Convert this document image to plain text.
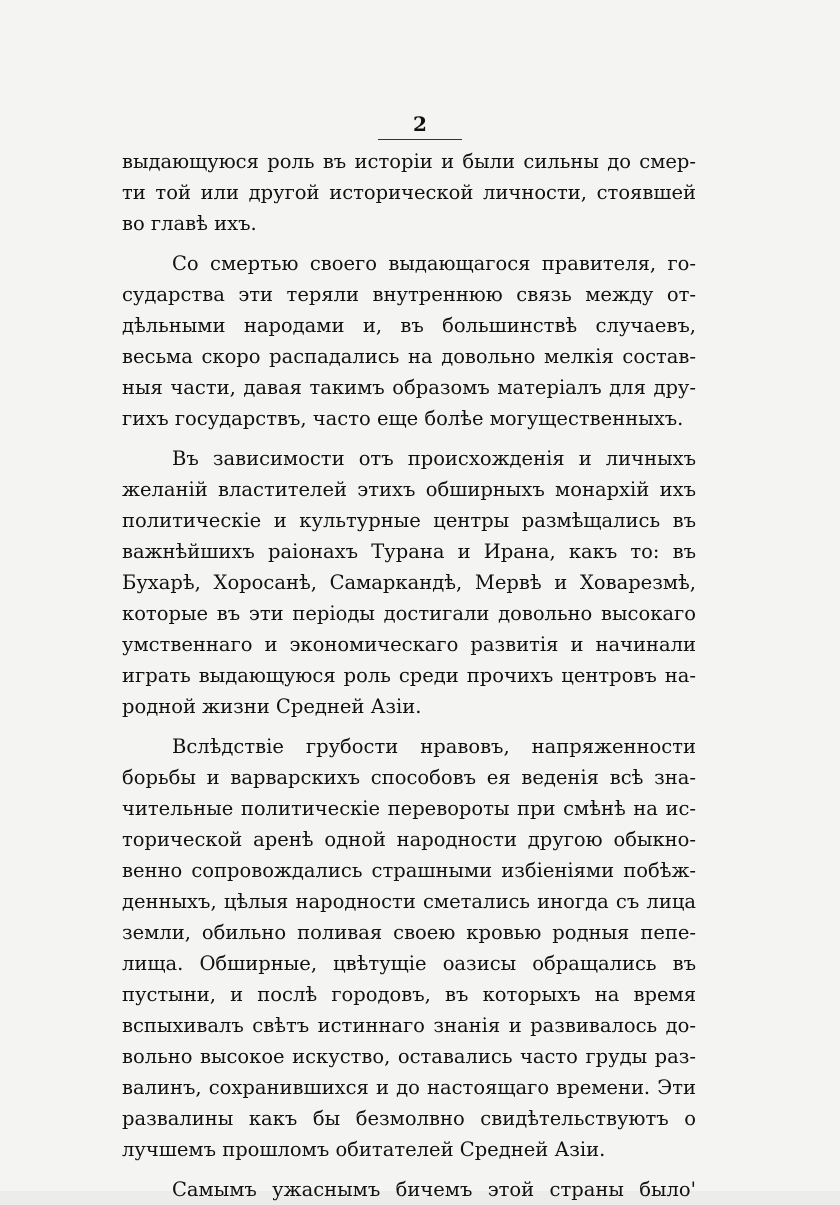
2
выдающуюся роль въ исторіи и были сильны до смер-
ти той или другой исторической личности, стоявшей
во главѣ ихъ.
Со смертью своего выдающагося правителя, го-
сударства эти теряли внутреннюю связь между от-
дѣльными народами и, въ большинствѣ случаевъ,
весьма скоро распадались на довольно мелкія состав-
ныя части, давая такимъ образомъ матеріалъ для дру-
гихъ государствъ, часто еще болѣе могущественныхъ.
Въ зависимости отъ происхожденія и личныхъ
желаній властителей этихъ обширныхъ монархій ихъ
политическіе и культурные центры размѣщались въ
важнѣйшихъ раіонахъ Турана и Ирана, какъ то: въ
Бухарѣ, Хоросанѣ, Самаркандѣ, Мервѣ и Ховарезмѣ,
которые въ эти періоды достигали довольно высокаго
умственнаго и экономическаго развитія и начинали
играть выдающуюся роль среди прочихъ центровъ на-
родной жизни Средней Азіи.
Вслѣдствіе грубости нравовъ, напряженности
борьбы и варварскихъ способовъ ея веденія всѣ зна-
чительные политическіе перевороты при смѣнѣ на ис-
торической аренѣ одной народности другою обыкно-
венно сопровождались страшными избіеніями побѣж-
денныхъ, цѣлыя народности сметались иногда съ лица
земли, обильно поливая своею кровью родныя пепе-
лища. Обширные, цвѣтущіе оазисы обращались въ
пустыни, и послѣ городовъ, въ которыхъ на время
вспыхивалъ свѣтъ истиннаго знанія и развивалось до-
вольно высокое искуство, оставались часто груды раз-
валинъ, сохранившихся и до настоящаго времени. Эти
развалины какъ бы безмолвно свидѣтельствуютъ о
лучшемъ прошломъ обитателей Средней Азіи.
Самымъ ужаснымъ бичемъ этой страны было'
